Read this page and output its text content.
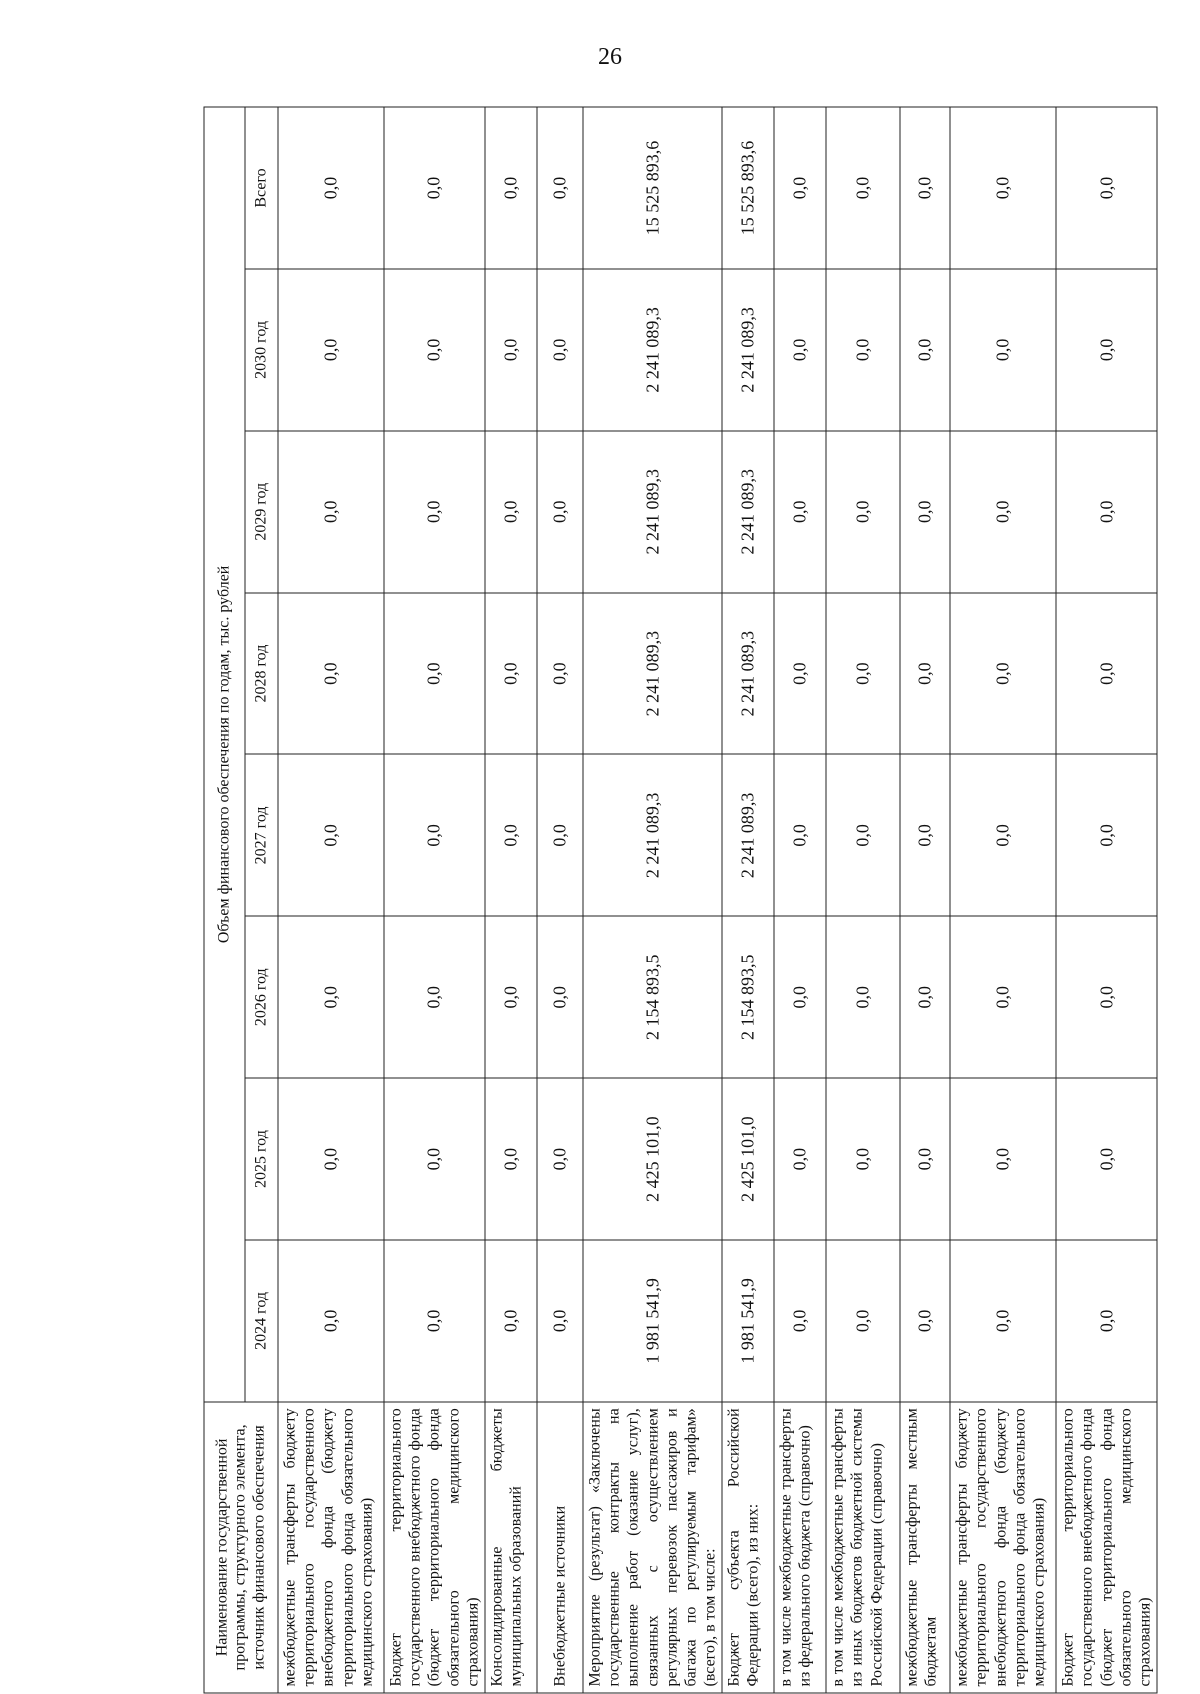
26
Наименование государственной программы, структурного элемента, источник финансового обеспечения	Объем финансового обеспечения по годам, тыс. рублей							
	2024 год	2025 год	2026 год	2027 год	2028 год	2029 год	2030 год	Всего
межбюджетные трансферты бюджету территориального государственного внебюджетного фонда (бюджету территориального фонда обязательного медицинского страхования)	0,0	0,0	0,0	0,0	0,0	0,0	0,0	0,0
Бюджет территориального государственного внебюджетного фонда (бюджет территориального фонда обязательного медицинского страхования)	0,0	0,0	0,0	0,0	0,0	0,0	0,0	0,0
Консолидированные бюджеты муниципальных образований	0,0	0,0	0,0	0,0	0,0	0,0	0,0	0,0
Внебюджетные источники	0,0	0,0	0,0	0,0	0,0	0,0	0,0	0,0
Мероприятие (результат) «Заключены государственные контракты на выполнение работ (оказание услуг), связанных с осуществлением регулярных перевозок пассажиров и багажа по регулируемым тарифам» (всего), в том числе:	1 981 541,9	2 425 101,0	2 154 893,5	2 241 089,3	2 241 089,3	2 241 089,3	2 241 089,3	15 525 893,6
Бюджет субъекта Российской Федерации (всего), из них:	1 981 541,9	2 425 101,0	2 154 893,5	2 241 089,3	2 241 089,3	2 241 089,3	2 241 089,3	15 525 893,6
в том числе межбюджетные трансферты из федерального бюджета (справочно)	0,0	0,0	0,0	0,0	0,0	0,0	0,0	0,0
в том числе межбюджетные трансферты из иных бюджетов бюджетной системы Российской Федерации (справочно)	0,0	0,0	0,0	0,0	0,0	0,0	0,0	0,0
межбюджетные трансферты местным бюджетам	0,0	0,0	0,0	0,0	0,0	0,0	0,0	0,0
межбюджетные трансферты бюджету территориального государственного внебюджетного фонда (бюджету территориального фонда обязательного медицинского страхования)	0,0	0,0	0,0	0,0	0,0	0,0	0,0	0,0
Бюджет территориального государственного внебюджетного фонда (бюджет территориального фонда обязательного медицинского страхования)	0,0	0,0	0,0	0,0	0,0	0,0	0,0	0,0
